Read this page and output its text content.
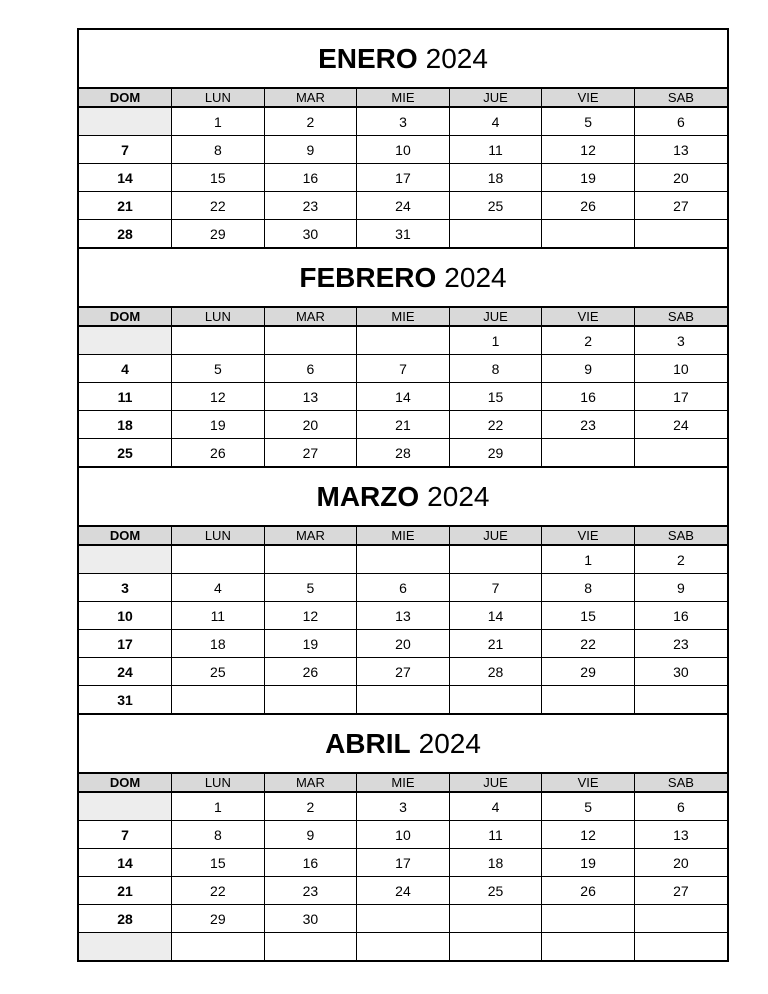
ENERO 2024
DOM	LUN	MAR	MIE	JUE	VIE	SAB
	1	2	3	4	5	6
7	8	9	10	11	12	13
14	15	16	17	18	19	20
21	22	23	24	25	26	27
28	29	30	31			
FEBRERO 2024
DOM	LUN	MAR	MIE	JUE	VIE	SAB
				1	2	3
4	5	6	7	8	9	10
11	12	13	14	15	16	17
18	19	20	21	22	23	24
25	26	27	28	29		
MARZO 2024
DOM	LUN	MAR	MIE	JUE	VIE	SAB
					1	2
3	4	5	6	7	8	9
10	11	12	13	14	15	16
17	18	19	20	21	22	23
24	25	26	27	28	29	30
31						
ABRIL 2024
DOM	LUN	MAR	MIE	JUE	VIE	SAB
	1	2	3	4	5	6
7	8	9	10	11	12	13
14	15	16	17	18	19	20
21	22	23	24	25	26	27
28	29	30				
